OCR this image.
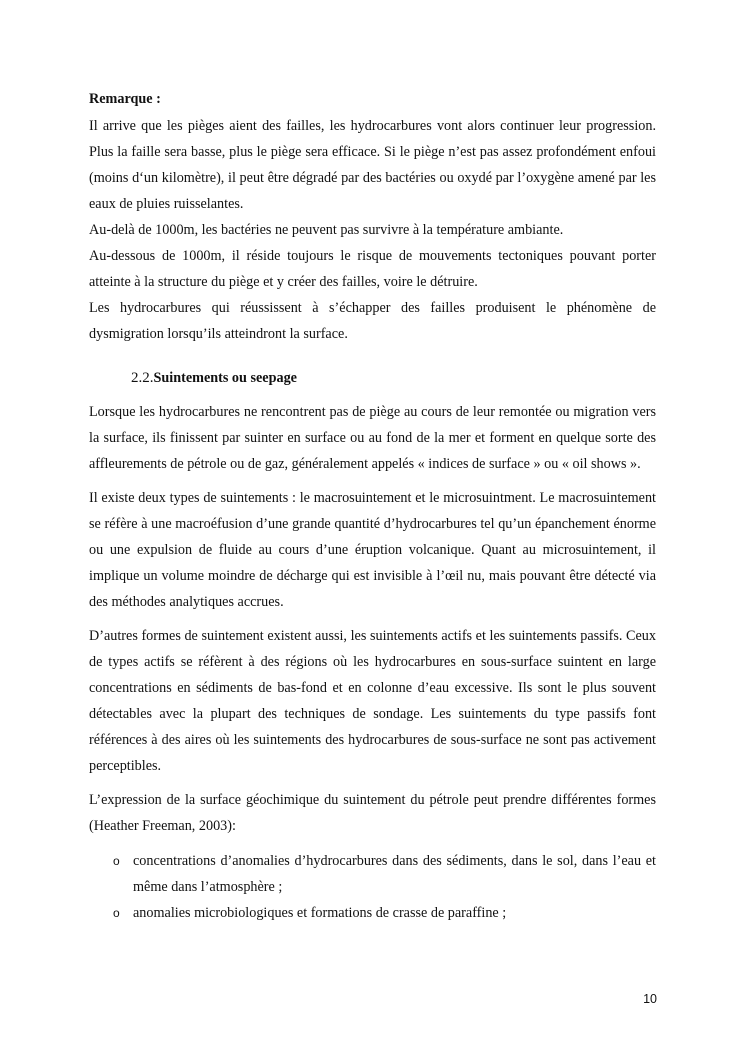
Remarque :

Il arrive que les pièges aient des failles, les hydrocarbures vont alors continuer leur progression. Plus la faille sera basse, plus le piège sera efficace. Si le piège n’est pas assez profondément enfoui (moins d‘un kilomètre), il peut être dégradé par des bactéries ou oxydé par l’oxygène amené par les eaux de pluies ruisselantes.

Au-delà de 1000m, les bactéries ne peuvent pas survivre à la température ambiante.

Au-dessous de 1000m, il réside toujours le risque de mouvements tectoniques pouvant porter atteinte à la structure du piège et y créer des failles, voire le détruire.

Les hydrocarbures qui réussissent à s’échapper des failles produisent le phénomène de dysmigration lorsqu’ils atteindront la surface.

2.2.Suintements ou seepage

Lorsque les hydrocarbures ne rencontrent pas de piège au cours de leur remontée ou migration vers la surface, ils finissent par suinter en surface ou au fond de la mer et forment en quelque sorte des affleurements de pétrole ou de gaz, généralement appelés « indices de surface » ou « oil shows ».

Il existe deux types de suintements : le macrosuintement et le microsuintment. Le macrosuintement se réfère à une macroéfusion d’une grande quantité d’hydrocarbures tel qu’un épanchement énorme ou une expulsion de fluide au cours d’une éruption volcanique. Quant au microsuintement, il implique un volume moindre de décharge qui est invisible à l’œil nu, mais pouvant être détecté via des méthodes analytiques accrues.

D’autres formes de suintement existent aussi, les suintements actifs et les suintements passifs. Ceux de types actifs se réfèrent à des régions où les hydrocarbures en sous-surface suintent en large concentrations en sédiments de bas-fond et en colonne d’eau excessive. Ils sont le plus souvent détectables avec la plupart des techniques de sondage. Les suintements du type passifs font références à des aires où les suintements des hydrocarbures de sous-surface ne sont pas activement perceptibles.

L’expression de la surface géochimique du suintement du pétrole peut prendre différentes formes (Heather Freeman, 2003):

o concentrations d’anomalies d’hydrocarbures dans des sédiments, dans le sol, dans l’eau et même dans l’atmosphère ;
o anomalies microbiologiques et formations de crasse de paraffine ;
10
